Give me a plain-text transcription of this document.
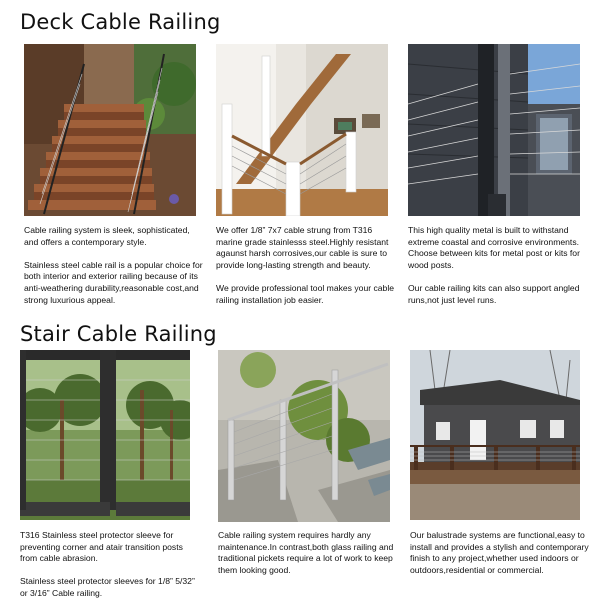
Deck Cable Railing

Cable railing system is sleek, sophisticated, and offers a contemporary style.

Stainless steel cable rail is a popular choice for both interior and exterior railing because of its anti-weathering durability,reasonable cost,and strong luxurious appeal.

We offer 1/8” 7x7 cable strung from T316 marine grade stainlesss steel.Highly resistant agaunst harsh corrosives,our cable is sure to provide long-lasting strength and beauty.

We provide professional tool makes your cable railing installation job easier.

This high quality metal is built to withstand extreme coastal and corrosive environments. Choose between kits for metal post or kits for wood posts.

Our cable railing kits can also support angled runs,not just level runs.

Stair Cable Railing

T316 Stainless steel protector sleeve for preventing corner and atair transition posts from cable abrasion.

Stainless steel protector sleeves for 1/8” 5/32” or 3/16” Cable railing.

Cable railing system requires hardly any maintenance.In contrast,both glass railing and traditional pickets require a lot of work to keep them looking good.

Our balustrade systems are functional,easy to install and provides a stylish and contemporary finish to any project,whether used indoors or outdoors,residential or commercial.
